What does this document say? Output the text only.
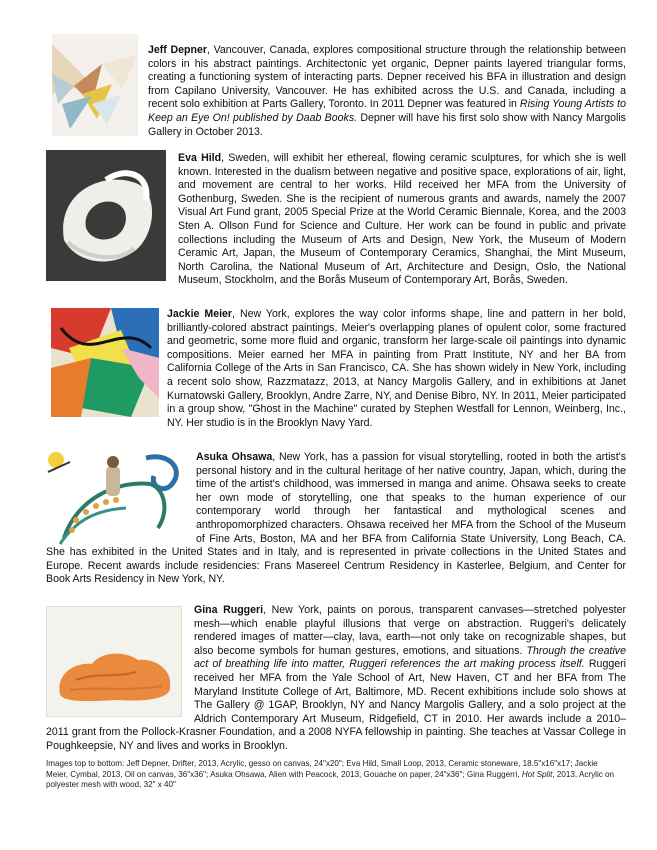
Jeff Depner, Vancouver, Canada, explores compositional structure through the relationship between colors in his abstract paintings. Architectonic yet organic, Depner paints layered triangular forms, creating a functioning system of interacting parts. Depner received his BFA in illustration and design from Capilano University, Vancouver. He has exhibited across the U.S. and Canada, including a recent solo exhibition at Parts Gallery, Toronto. In 2011 Depner was featured in Rising Young Artists to Keep an Eye On! published by Daab Books. Depner will have his first solo show with Nancy Margolis Gallery in October 2013.

Eva Hild, Sweden, will exhibit her ethereal, flowing ceramic sculptures, for which she is well known. Interested in the dualism between negative and positive space, explorations of air, light, and movement are central to her works. Hild received her MFA from the University of Gothenburg, Sweden. She is the recipient of numerous grants and awards, namely the 2007 Visual Art Fund grant, 2005 Special Prize at the World Ceramic Biennale, Korea, and the 2003 Sten A. Ollson Fund for Science and Culture. Her work can be found in public and private collections including the Museum of Arts and Design, New York, the Museum of Modern Ceramic Art, Japan, the Museum of Contemporary Ceramics, Shanghai, the Mint Museum, North Carolina, the National Museum of Art, Architecture and Design, Oslo, the National Museum, Stockholm, and the Borås Museum of Contemporary Art, Borås, Sweden.

Jackie Meier, New York, explores the way color informs shape, line and pattern in her bold, brilliantly-colored abstract paintings. Meier's overlapping planes of opulent color, some fractured and geometric, some more fluid and organic, transform her large-scale oil paintings into dynamic compositions. Meier earned her MFA in painting from Pratt Institute, NY and her BA from California College of the Arts in San Francisco, CA. She has shown widely in New York, including a recent solo show, Razzmatazz, 2013, at Nancy Margolis Gallery, and in exhibitions at Janet Kurnatowski Gallery, Brooklyn, Andre Zarre, NY, and Denise Bibro, NY. In 2011, Meier participated in a group show, "Ghost in the Machine" curated by Stephen Westfall for Lennon, Weinberg, Inc., NY. Her studio is in the Brooklyn Navy Yard.

Asuka Ohsawa, New York, has a passion for visual storytelling, rooted in both the artist's personal history and in the cultural heritage of her native country, Japan, which, during the time of the artist's childhood, was immersed in manga and anime. Ohsawa seeks to create her own mode of storytelling, one that speaks to the human experience of our contemporary world through her fantastical and mythological scenes and anthropomorphized characters. Ohsawa received her MFA from the School of the Museum of Fine Arts, Boston, MA and her BFA from California State University, Long Beach, CA. She has exhibited in the United States and in Italy, and is represented in private collections in the United States and Europe. Recent awards include residencies: Frans Masereel Centrum Residency in Kasterlee, Belgium, and Center for Book Arts Residency in New York, NY.

Gina Ruggeri, New York, paints on porous, transparent canvases—stretched polyester mesh—which enable playful illusions that verge on abstraction. Ruggeri's delicately rendered images of matter—clay, lava, earth—not only take on recognizable shapes, but also become symbols for human gestures, emotions, and situations. Through the creative act of breathing life into matter, Ruggeri references the art making process itself. Ruggeri received her MFA from the Yale School of Art, New Haven, CT and her BFA from The Maryland Institute College of Art, Baltimore, MD. Recent exhibitions include solo shows at The Gallery @ 1GAP, Brooklyn, NY and Nancy Margolis Gallery, and a solo project at the Aldrich Contemporary Art Museum, Ridgefield, CT in 2010. Her awards include a 2010–2011 grant from the Pollock-Krasner Foundation, and a 2008 NYFA fellowship in painting. She teaches at Vassar College in Poughkeepsie, NY and lives and works in Brooklyn.

Images top to bottom: Jeff Depner, Drifter, 2013, Acrylic, gesso on canvas, 24"x20"; Eva Hild, Small Loop, 2013, Ceramic stoneware, 18.5"x16"x17; Jackie Meier, Cymbal, 2013, Oil on canvas, 36"x36"; Asuka Ohsawa, Alien with Peacock, 2013, Gouache on paper, 24"x36"; Gina Ruggerri, Hot Split, 2013, Acrylic on polyester mesh with wood, 32" x 40"
